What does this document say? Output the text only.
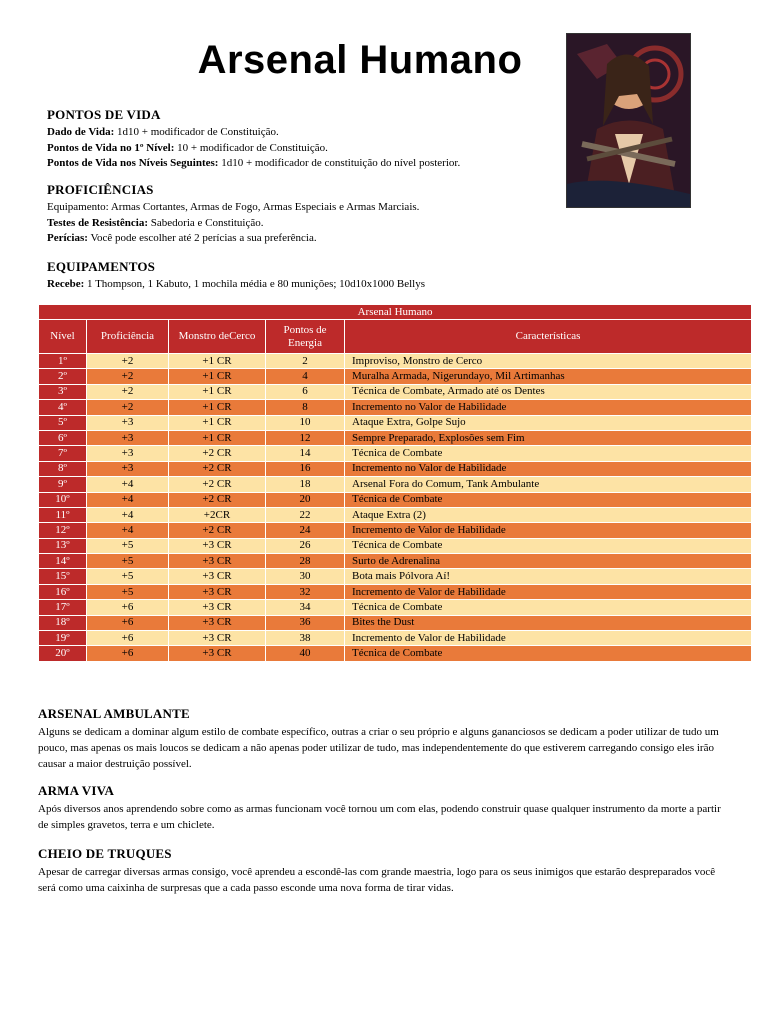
Arsenal Humano

PONTOS DE VIDA

Dado de Vida: 1d10 + modificador de Constituição.

Pontos de Vida no 1º Nível: 10 + modificador de Constituição.

Pontos de Vida nos Níveis Seguintes: 1d10 + modificador de constituição do nível posterior.

PROFICIÊNCIAS

Equipamento: Armas Cortantes, Armas de Fogo, Armas Especiais e Armas Marciais.

Testes de Resistência: Sabedoria e Constituição.

Perícias: Você pode escolher até 2 perícias a sua preferência.

EQUIPAMENTOS

Recebe: 1 Thompson, 1 Kabuto, 1 mochila média e 80 munições; 10d10x1000 Bellys

Arsenal Humano				
Nível	Proficiência	Monstro deCerco	Pontos de Energia	Características
1º	+2	+1 CR	2	Improviso, Monstro de Cerco
2º	+2	+1 CR	4	Muralha Armada, Nigerundayo, Mil Artimanhas
3º	+2	+1 CR	6	Técnica de Combate, Armado até os Dentes
4º	+2	+1 CR	8	Incremento no Valor de Habilidade
5º	+3	+1 CR	10	Ataque Extra, Golpe Sujo
6º	+3	+1 CR	12	Sempre Preparado, Explosões sem Fim
7º	+3	+2 CR	14	Técnica de Combate
8º	+3	+2 CR	16	Incremento no Valor de Habilidade
9º	+4	+2 CR	18	Arsenal Fora do Comum, Tank Ambulante
10º	+4	+2 CR	20	Técnica de Combate
11º	+4	+2CR	22	Ataque Extra (2)
12º	+4	+2 CR	24	Incremento de Valor de Habilidade
13º	+5	+3 CR	26	Técnica de Combate
14º	+5	+3 CR	28	Surto de Adrenalina
15º	+5	+3 CR	30	Bota mais Pólvora Aí!
16º	+5	+3 CR	32	Incremento de Valor de Habilidade
17º	+6	+3 CR	34	Técnica de Combate
18º	+6	+3 CR	36	Bites the Dust
19º	+6	+3 CR	38	Incremento de Valor de Habilidade
20º	+6	+3 CR	40	Técnica de Combate

ARSENAL AMBULANTE

Alguns se dedicam a dominar algum estilo de combate específico, outras a criar o seu próprio e alguns gananciosos se dedicam a poder utilizar de tudo um pouco, mas apenas os mais loucos se dedicam a não apenas poder utilizar de tudo, mas independentemente do que estiverem carregando consigo eles irão causar a maior destruição possível.

ARMA VIVA

Após diversos anos aprendendo sobre como as armas funcionam você tornou um com elas, podendo construir quase qualquer instrumento da morte a partir de simples gravetos, terra e um chiclete.

CHEIO DE TRUQUES

Apesar de carregar diversas armas consigo, você aprendeu a escondê-las com grande maestria, logo para os seus inimigos que estarão despreparados você será como uma caixinha de surpresas que a cada passo esconde uma nova forma de tirar vidas.
